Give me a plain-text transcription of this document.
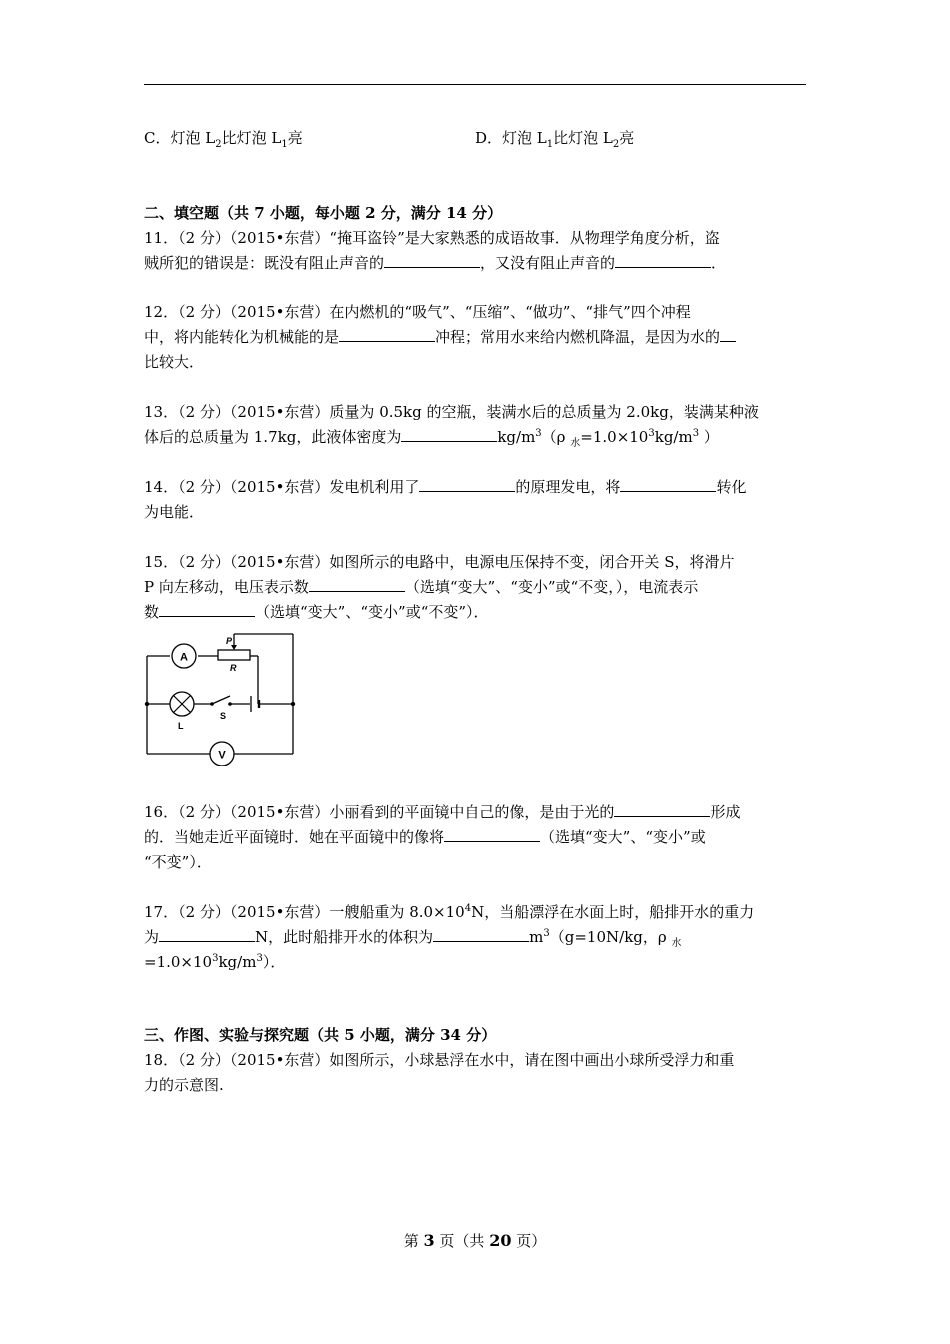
C．灯泡 $L_2$比灯泡 $L_1$亮	D．灯泡 $L_1$比灯泡 $L_2$亮
二、填空题（共 7 小题，每小题 2 分，满分 14 分）
11．（2 分）（2015•东营）“掩耳盗铃”是大家熟悉的成语故事．从物理学角度分析，盗
贼所犯的错误是：既没有阻止声音的	，又没有阻止声音的	．
12．（2 分）（2015•东营）在内燃机的“吸气”、“压缩”、“做功”、“排气”四个冲程
中，将内能转化为机械能的是	冲程；常用水来给内燃机降温，是因为水的
比较大．
13．（2 分）（2015•东营）质量为 0.5kg 的空瓶，装满水后的总质量为 2.0kg，装满某种液
体后的总质量为 1.7kg，此液体密度为	$kg/m^3(\rho$ $_水=1.0\times 10^3kg/m^3$ ）
14．（2 分）（2015•东营）发电机利用了	的原理发电，将	转化
为电能．
15．（2 分）（2015•东营）如图所示的电路中，电源电压保持不变，闭合开关 S，将滑片
P 向左移动，电压表示数	（选填“变大”、“变小”或“不变，），电流表示
数	（选填“变大”、“变小”或“不变”）．
A
P
R
L
S
V
16．（2 分）（2015•东营）小丽看到的平面镜中自己的像，是由于光的	形成
的．当她走近平面镜时．她在平面镜中的像将	（选填“变大”、“变小”或
“不变”）．
17．（2 分）（2015•东营）一艘船重为 $8.0\times 10^4N$，当船漂浮在水面上时，船排开水的重力
为	N，此时船排开水的体积为	$m^3(g=10N/kg$，ρ $_水$
$=1.0\times 10^3kg/m^3$）．
三、作图、实验与探究题（共 5 小题，满分 34 分）
18．（2 分）（2015•东营）如图所示，小球悬浮在水中，请在图中画出小球所受浮力和重
力的示意图.
第 3 页（共 20 页）
